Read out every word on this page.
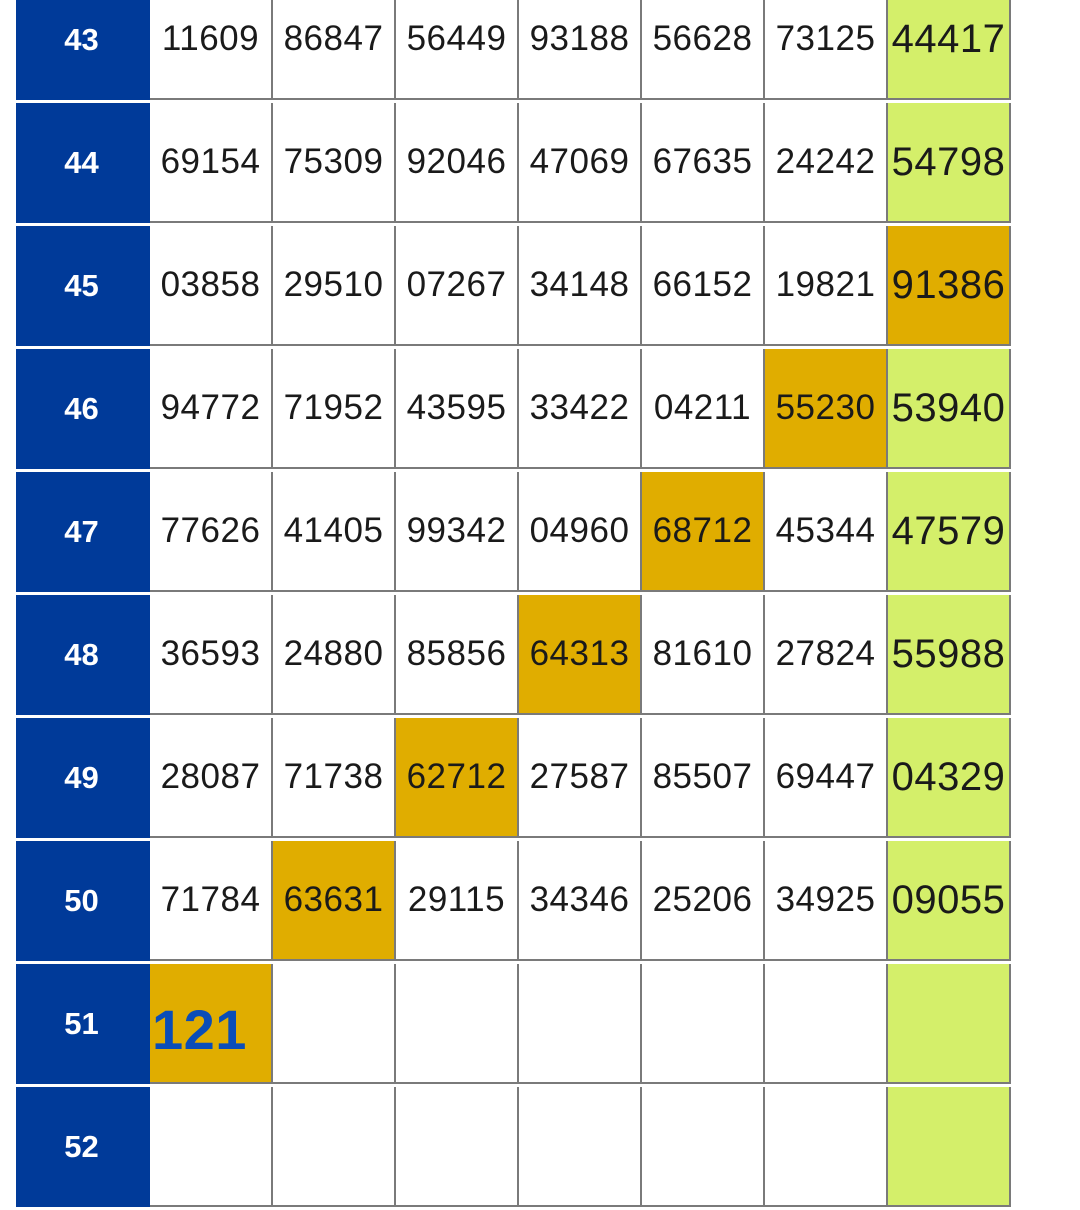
43	11609 86847 56449 93188 56628 73125 44417
44	69154 75309 92046 47069 67635 24242 54798
45	03858 29510 07267 34148 66152 19821 91386
46	94772 71952 43595 33422 04211 55230 53940
47	77626 41405 99342 04960 68712 45344 47579
48	36593 24880 85856 64313 81610 27824 55988
49	28087 71738 62712 27587 85507 69447 04329
50	71784 63631 29115 34346 25206 34925 09055
51 121
52
